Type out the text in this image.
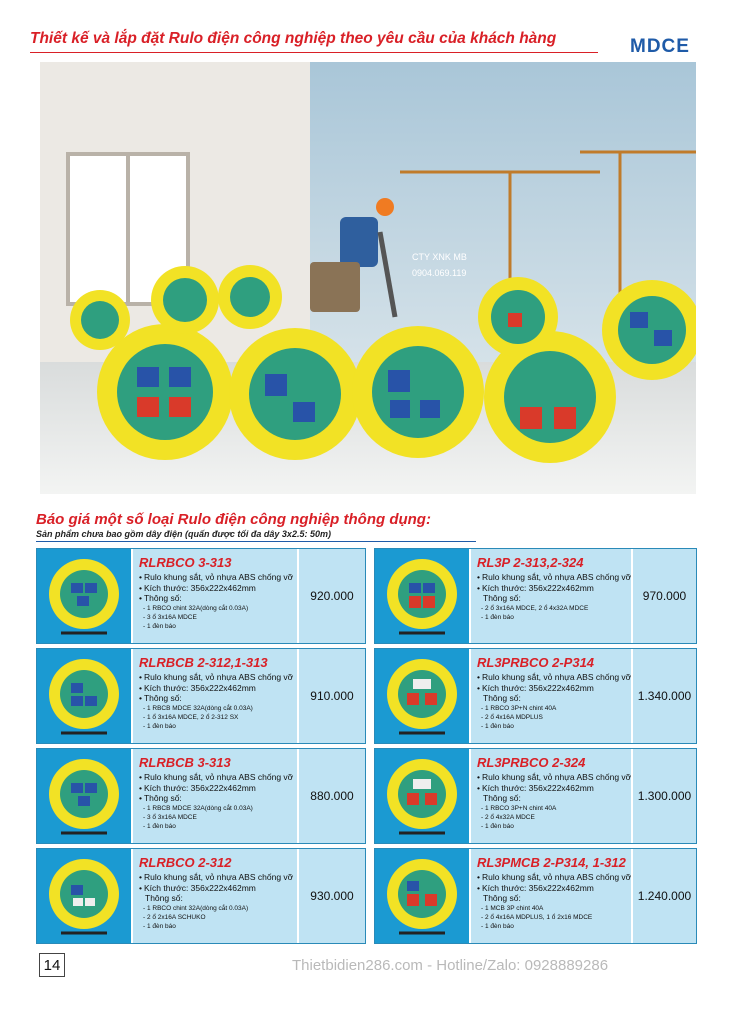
Thiết kế và lắp đặt Rulo điện công nghiệp theo yêu cầu của khách hàng	MDCE
CTY XNK MB
0904.069.119
Báo giá một số loại Rulo điện công nghiệp thông dụng:
Sản phẩm chưa bao gồm dây điện (quấn được tối đa dây 3x2.5: 50m)
RLRBCO 3-313
• Rulo khung sắt, vỏ nhựa ABS chống vỡ
• Kích thước: 356x222x462mm
• Thông số:
- 1 RBCO chint 32A(dòng cắt 0.03A)
- 3 ổ 3x16A MDCE
- 1 đèn báo
920.000
RL3P 2-313,2-324
• Rulo khung sắt, vỏ nhựa ABS chống vỡ
• Kích thước: 356x222x462mm
Thông số:
- 2 ổ 3x16A MDCE, 2 ổ 4x32A MDCE
- 1 đèn báo
970.000
RLRBCB 2-312,1-313
• Rulo khung sắt, vỏ nhựa ABS chống vỡ
• Kích thước: 356x222x462mm
• Thông số:
- 1 RBCB MDCE 32A(dòng cắt 0.03A)
- 1 ổ 3x16A MDCE, 2 ổ 2-312 SX
- 1 đèn báo
910.000
RL3PRBCO 2-P314
• Rulo khung sắt, vỏ nhựa ABS chống vỡ
• Kích thước: 356x222x462mm
Thông số:
- 1 RBCO 3P+N chint 40A
- 2 ổ 4x16A MDPLUS
- 1 đèn báo
1.340.000
RLRBCB 3-313
• Rulo khung sắt, vỏ nhựa ABS chống vỡ
• Kích thước: 356x222x462mm
• Thông số:
- 1 RBCB MDCE 32A(dòng cắt 0.03A)
- 3 ổ 3x16A MDCE
- 1 đèn báo
880.000
RL3PRBCO 2-324
• Rulo khung sắt, vỏ nhựa ABS chống vỡ
• Kích thước: 356x222x462mm
Thông số:
- 1 RBCO 3P+N chint 40A
- 2 ổ 4x32A MDCE
- 1 đèn báo
1.300.000
RLRBCO 2-312
• Rulo khung sắt, vỏ nhựa ABS chống vỡ
• Kích thước: 356x222x462mm
Thông số:
- 1 RBCO chint 32A(dòng cắt 0.03A)
- 2 ổ 2x16A SCHUKO
- 1 đèn báo
930.000
RL3PMCB 2-P314, 1-312
• Rulo khung sắt, vỏ nhựa ABS chống vỡ
• Kích thước: 356x222x462mm
Thông số:
- 1 MCB 3P chint 40A
- 2 ổ 4x16A MDPLUS, 1 ổ 2x16 MDCE
- 1 đèn báo
1.240.000
14	Thietbidien286.com - Hotline/Zalo: 0928889286
